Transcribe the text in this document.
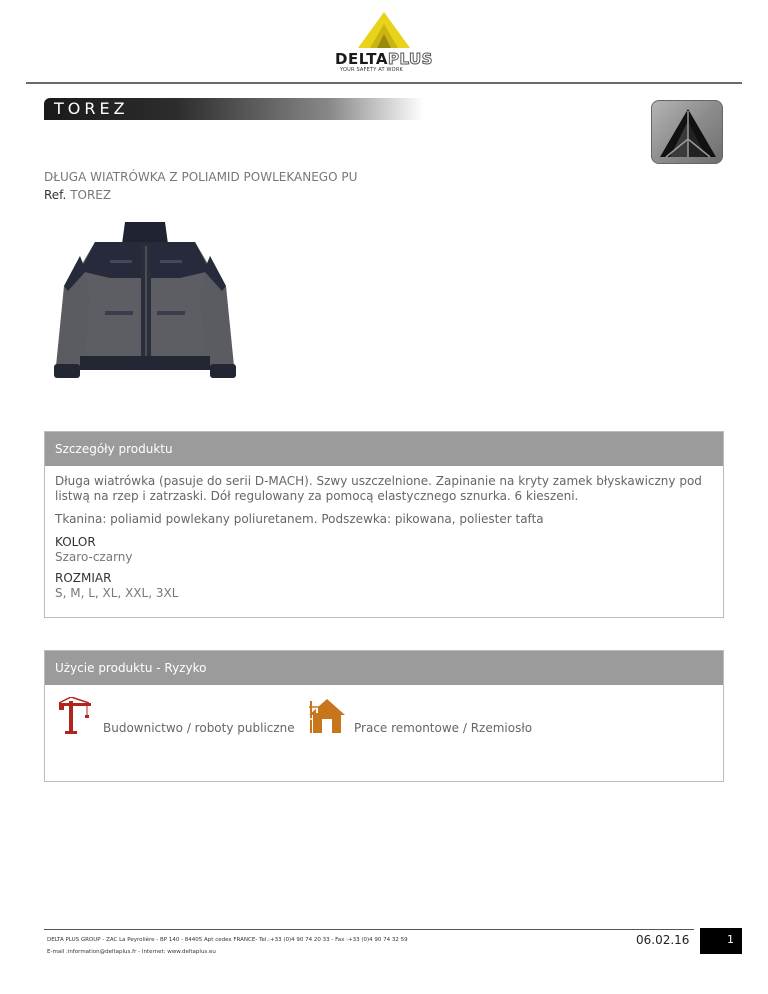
DELTAPLUS
YOUR SAFETY AT WORK
TOREZ
DŁUGA WIATRÓWKA Z POLIAMID POWLEKANEGO PU
Ref. TOREZ
Szczegóły produktu

Długa wiatrówka (pasuje do serii D-MACH). Szwy uszczelnione. Zapinanie na kryty zamek błyskawiczny pod listwą na rzep i zatrzaski. Dół regulowany za pomocą elastycznego sznurka. 6 kieszeni.

Tkanina: poliamid powlekany poliuretanem. Podszewka: pikowana, poliester tafta

KOLOR
Szaro-czarny
ROZMIAR
S, M, L, XL, XXL, 3XL
Użycie produktu - Ryzyko
Budownictwo / roboty publiczne	Prace remontowe / Rzemiosło
DELTA PLUS GROUP - ZAC La Peyrolière - BP 140 - 84405 Apt cedex FRANCE- Tel.:+33 (0)4 90 74 20 33 - Fax :+33 (0)4 90 74 32 59
E-mail :information@deltaplus.fr - Internet: www.deltaplus.eu
06.02.16	1
